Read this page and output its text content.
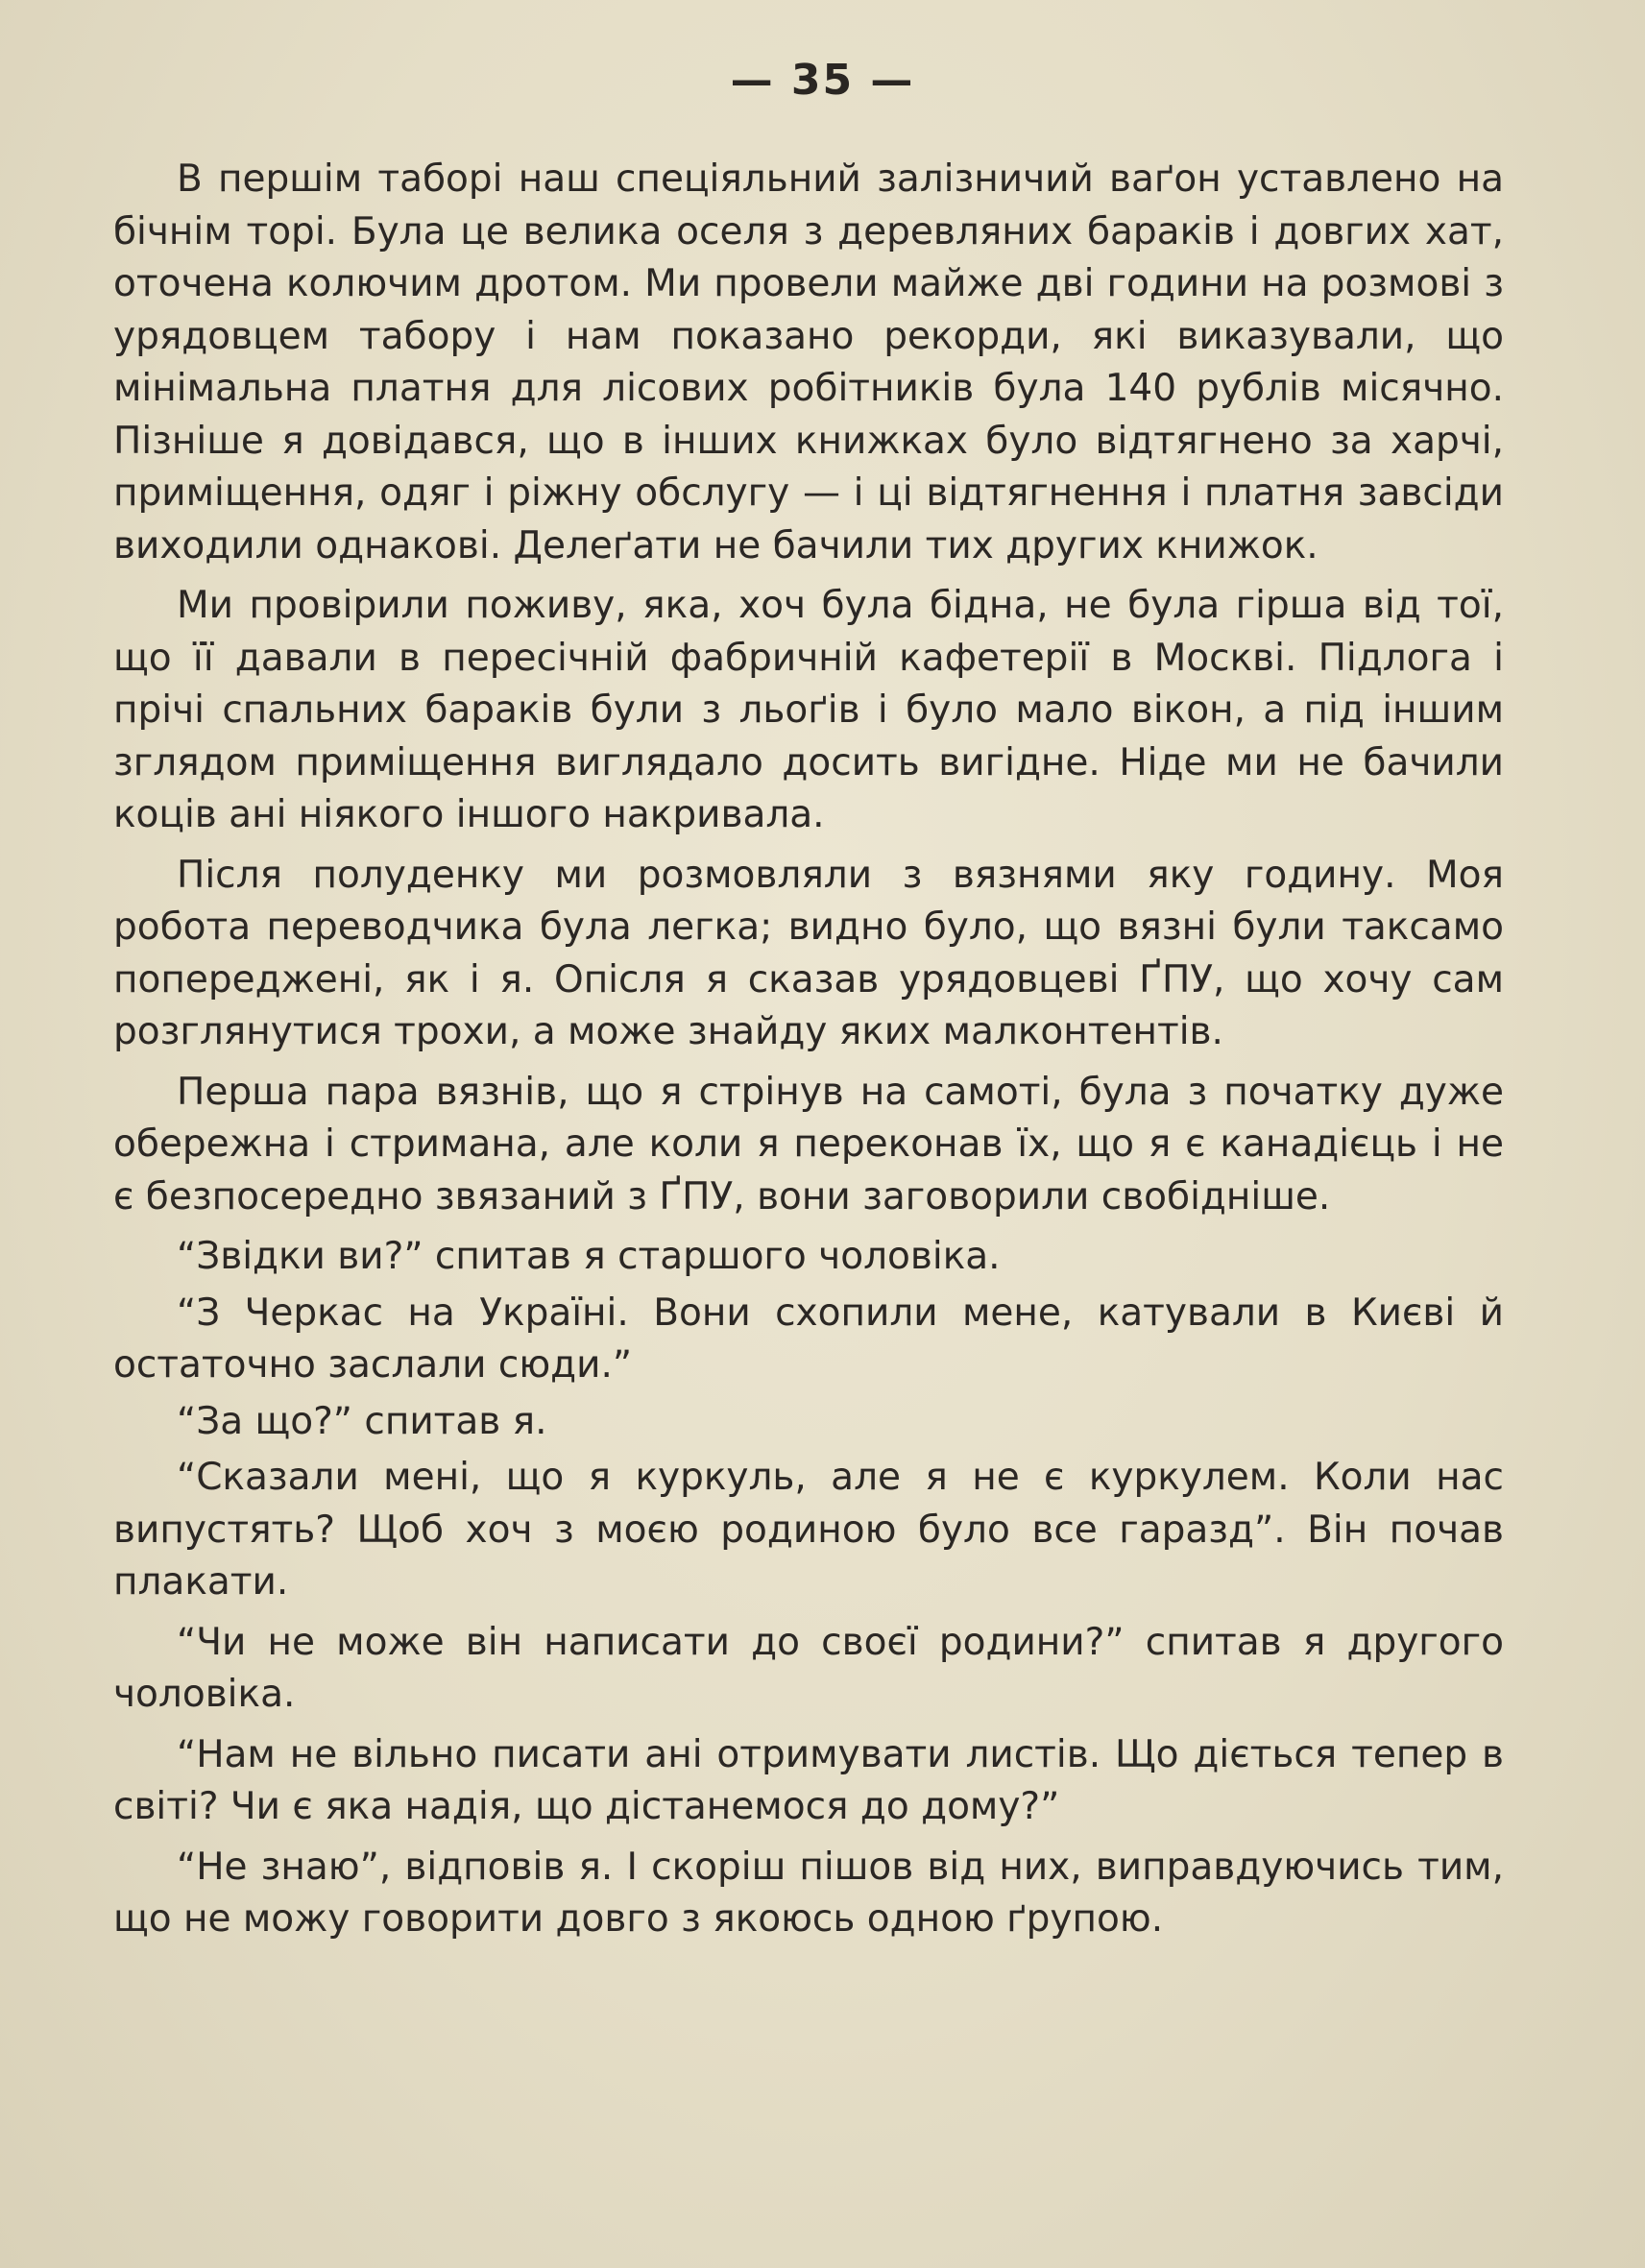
— 35 —

В першім таборі наш спеціяльний залізничий ваґон уставлено на бічнім торі. Була це велика оселя з деревляних бараків і довгих хат, оточена колючим дротом. Ми провели майже дві години на розмові з урядовцем табору і нам показано рекорди, які виказували, що мінімальна платня для лісових робітників була 140 рублів місячно. Пізніше я довідався, що в інших книжках було відтягнено за харчі, приміщення, одяг і ріжну обслугу — і ці відтягнення і платня завсіди виходили однакові. Делеґати не бачили тих других книжок.

Ми провірили поживу, яка, хоч була бідна, не була гірша від тої, що її давали в пересічній фабричній кафетерії в Москві. Підлога і прічі спальних бараків були з льоґів і було мало вікон, а під іншим зглядом приміщення виглядало досить вигідне. Ніде ми не бачили коців ані ніякого іншого накривала.

Після полуденку ми розмовляли з вязнями яку годину. Моя робота переводчика була легка; видно було, що вязні були таксамо попереджені, як і я. Опісля я сказав урядовцеві ҐПУ, що хочу сам розглянутися трохи, а може знайду яких малконтентів.

Перша пара вязнів, що я стрінув на самоті, була з початку дуже обережна і стримана, але коли я переконав їх, що я є канадієць і не є безпосередно звязаний з ҐПУ, вони заговорили свобідніше.

“Звідки ви?” спитав я старшого чоловіка.

“З Черкас на Україні. Вони схопили мене, катували в Києві й остаточно заслали сюди.”

“За що?” спитав я.

“Сказали мені, що я куркуль, але я не є куркулем. Коли нас випустять? Щоб хоч з моєю родиною було все гаразд”. Він почав плакати.

“Чи не може він написати до своєї родини?” спитав я другого чоловіка.

“Нам не вільно писати ані отримувати листів. Що діється тепер в світі? Чи є яка надія, що дістанемося до дому?”

“Не знаю”, відповів я. І скоріш пішов від них, виправдуючись тим, що не можу говорити довго з якоюсь одною ґрупою.
